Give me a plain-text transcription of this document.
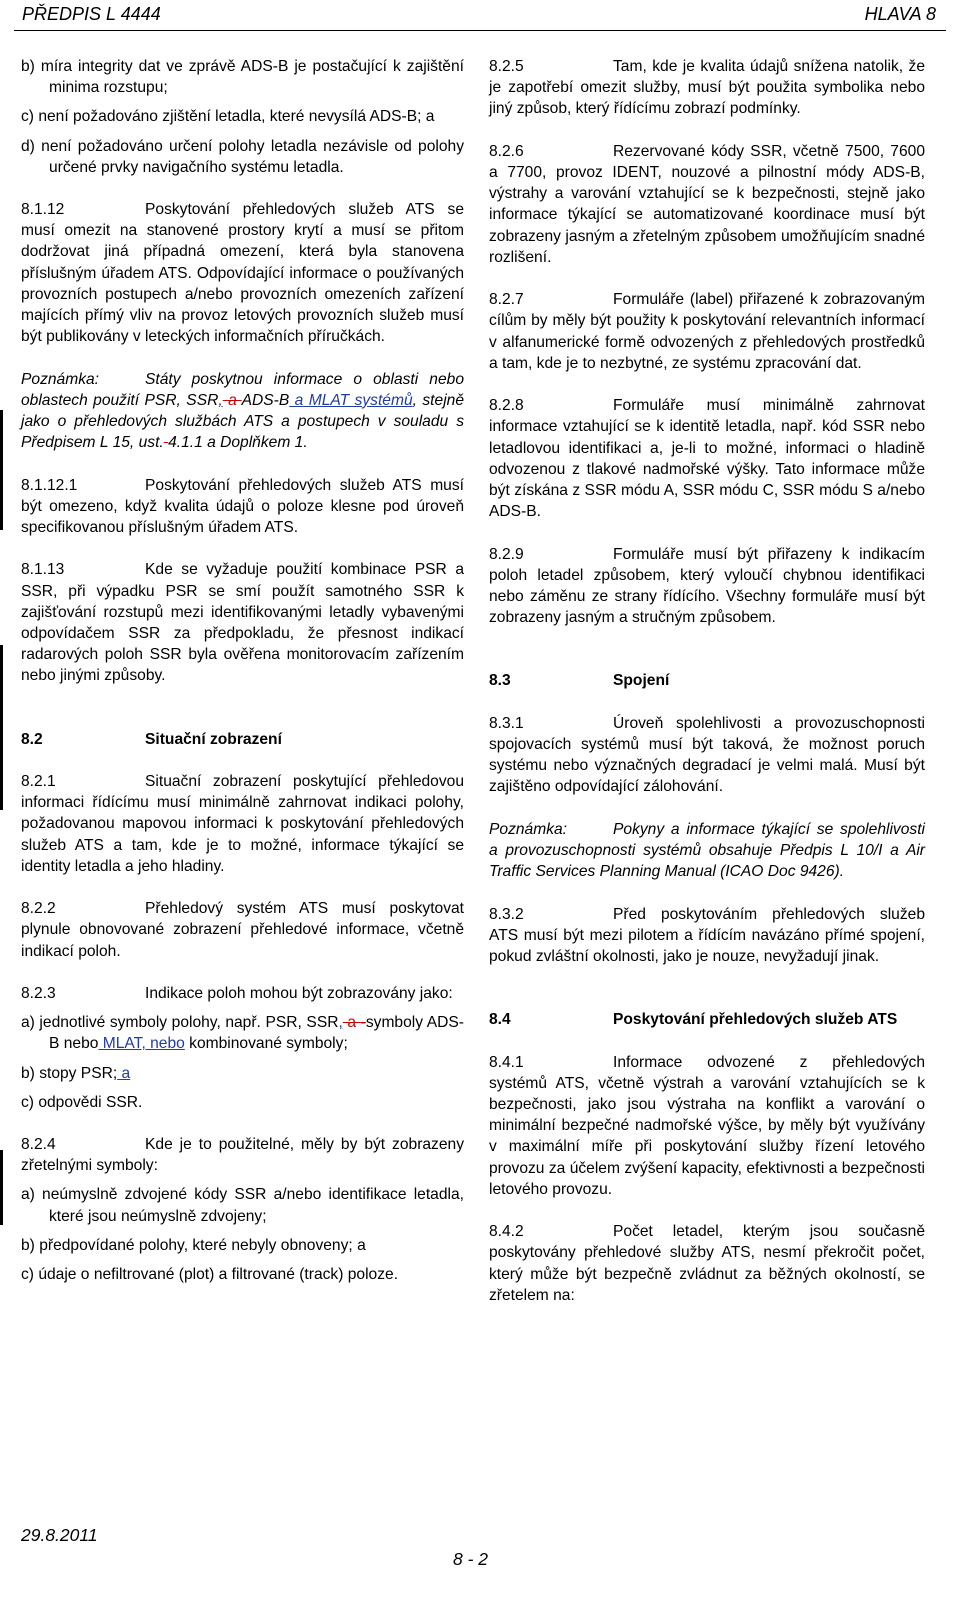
PŘEDPIS L 4444	HLAVA 8
b) míra integrity dat ve zprávě ADS-B je postačující k zajištění minima rozstupu;
c) není požadováno zjištění letadla, které nevysílá ADS-B; a
d) není požadováno určení polohy letadla nezávisle od polohy určené prvky navigačního systému letadla.
8.1.12	Poskytování přehledových služeb ATS se musí omezit na stanovené prostory krytí a musí se přitom dodržovat jiná případná omezení, která byla stanovena příslušným úřadem ATS. Odpovídající informace o používaných provozních postupech a/nebo provozních omezeních zařízení majících přímý vliv na provoz letových provozních služeb musí být publikovány v leteckých informačních příručkách.
Poznámka:	Státy poskytnou informace o oblasti nebo oblastech použití PSR, SSR, a ADS-B a MLAT systémů, stejně jako o přehledových službách ATS a postupech v souladu s Předpisem L 15, ust. 4.1.1 a Doplňkem 1.
8.1.12.1	Poskytování přehledových služeb ATS musí být omezeno, když kvalita údajů o poloze klesne pod úroveň specifikovanou příslušným úřadem ATS.
8.1.13	Kde se vyžaduje použití kombinace PSR a SSR, při výpadku PSR se smí použít samotného SSR k zajišťování rozstupů mezi identifikovanými letadly vybavenými odpovídačem SSR za předpokladu, že přesnost indikací radarových poloh SSR byla ověřena monitorovacím zařízením nebo jinými způsoby.
8.2	Situační zobrazení
8.2.1	Situační zobrazení poskytující přehledovou informaci řídícímu musí minimálně zahrnovat indikaci polohy, požadovanou mapovou informaci k poskytování přehledových služeb ATS a tam, kde je to možné, informace týkající se identity letadla a jeho hladiny.
8.2.2	Přehledový systém ATS musí poskytovat plynule obnovované zobrazení přehledové informace, včetně indikací poloh.
8.2.3	Indikace poloh mohou být zobrazovány jako:
a) jednotlivé symboly polohy, např. PSR, SSR, a -symboly ADS-B nebo MLAT, nebo kombinované symboly;
b) stopy PSR; a
c) odpovědi SSR.
8.2.4	Kde je to použitelné, měly by být zobrazeny zřetelnými symboly:
a) neúmyslně zdvojené kódy SSR a/nebo identifikace letadla, které jsou neúmyslně zdvojeny;
b) předpovídané polohy, které nebyly obnoveny; a
c) údaje o nefiltrované (plot) a filtrované (track) poloze.
8.2.5	Tam, kde je kvalita údajů snížena natolik, že je zapotřebí omezit služby, musí být použita symbolika nebo jiný způsob, který řídícímu zobrazí podmínky.
8.2.6	Rezervované kódy SSR, včetně 7500, 7600 a 7700, provoz IDENT, nouzové a pilnostní módy ADS-B, výstrahy a varování vztahující se k bezpečnosti, stejně jako informace týkající se automatizované koordinace musí být zobrazeny jasným a zřetelným způsobem umožňujícím snadné rozlišení.
8.2.7	Formuláře (label) přiřazené k zobrazovaným cílům by měly být použity k poskytování relevantních informací v alfanumerické formě odvozených z přehledových prostředků a tam, kde je to nezbytné, ze systému zpracování dat.
8.2.8	Formuláře musí minimálně zahrnovat informace vztahující se k identitě letadla, např. kód SSR nebo letadlovou identifikaci a, je-li to možné, informaci o hladině odvozenou z tlakové nadmořské výšky. Tato informace může být získána z SSR módu A, SSR módu C, SSR módu S a/nebo ADS-B.
8.2.9	Formuláře musí být přiřazeny k indikacím poloh letadel způsobem, který vyloučí chybnou identifikaci nebo záměnu ze strany řídícího. Všechny formuláře musí být zobrazeny jasným a stručným způsobem.
8.3	Spojení
8.3.1	Úroveň spolehlivosti a provozuschopnosti spojovacích systémů musí být taková, že možnost poruch systému nebo význačných degradací je velmi malá. Musí být zajištěno odpovídající zálohování.
Poznámka:	Pokyny a informace týkající se spolehlivosti a provozuschopnosti systémů obsahuje Předpis L 10/I a Air Traffic Services Planning Manual (ICAO Doc 9426).
8.3.2	Před poskytováním přehledových služeb ATS musí být mezi pilotem a řídícím navázáno přímé spojení, pokud zvláštní okolnosti, jako je nouze, nevyžadují jinak.
8.4	Poskytování přehledových služeb ATS
8.4.1	Informace odvozené z přehledových systémů ATS, včetně výstrah a varování vztahujících se k bezpečnosti, jako jsou výstraha na konflikt a varování o minimální bezpečné nadmořské výšce, by měly být využívány v maximální míře při poskytování služby řízení letového provozu za účelem zvýšení kapacity, efektivnosti a bezpečnosti letového provozu.
8.4.2	Počet letadel, kterým jsou současně poskytovány přehledové služby ATS, nesmí překročit počet, který může být bezpečně zvládnut za běžných okolností, se zřetelem na:
29.8.2011
8 - 2
